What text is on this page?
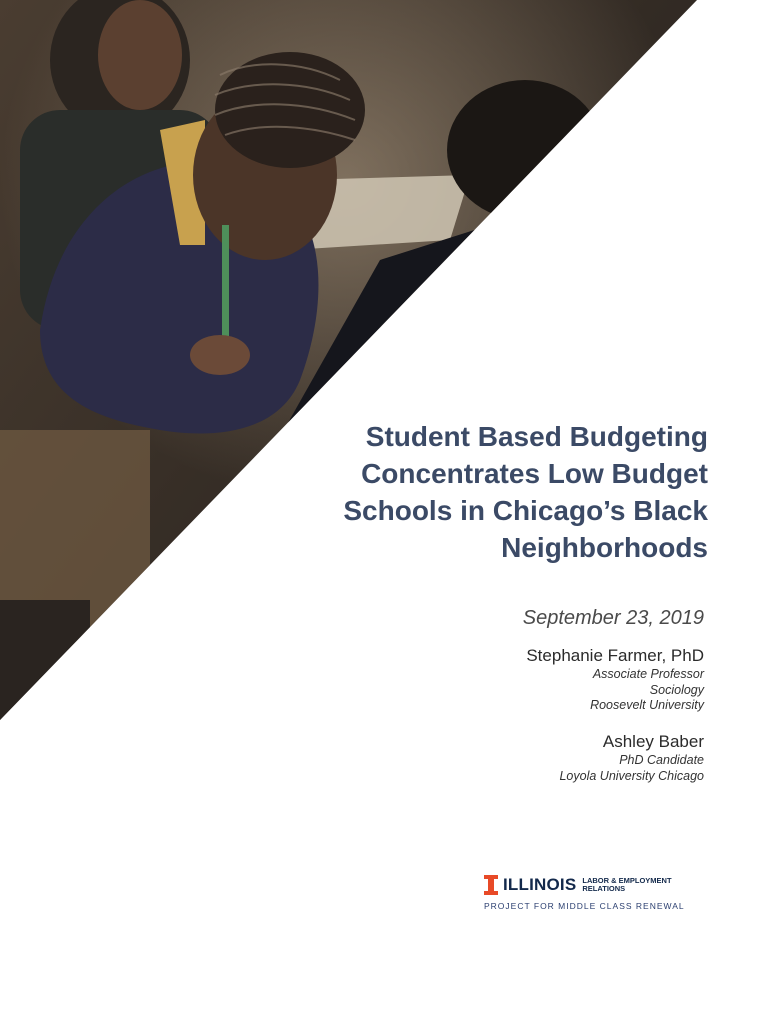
Student Based Budgeting
Concentrates Low Budget
Schools in Chicago’s Black
Neighborhoods
September 23, 2019
Stephanie Farmer, PhD
Associate Professor
Sociology
Roosevelt University
Ashley Baber
PhD Candidate
Loyola University Chicago
ILLINOIS LABOR & EMPLOYMENT
RELATIONS
PROJECT FOR MIDDLE CLASS RENEWAL
